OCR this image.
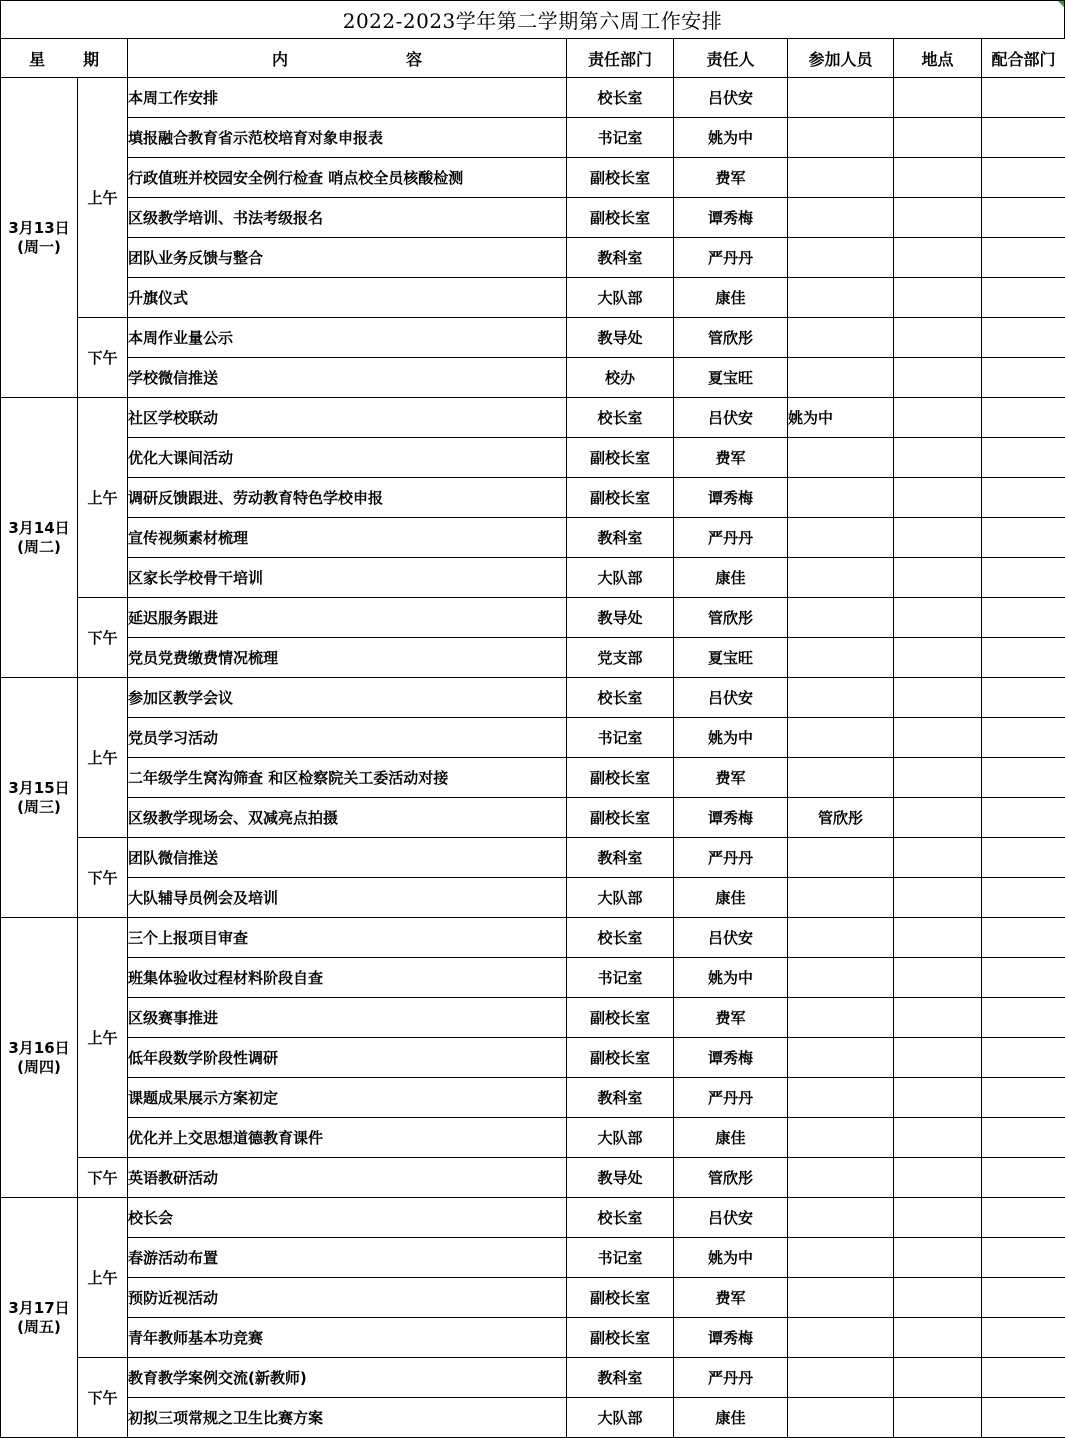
2022-2023学年第二学期第六周工作安排
星 期		内 容	责任部门	责任人	参加人员	地点	配合部门

3月13日
(周一)	上午	本周工作安排	校长室	吕伏安			
		填报融合教育省示范校培育对象申报表	书记室	姚为中			
		行政值班并校园安全例行检查 哨点校全员核酸检测	副校长室	费军			
		区级教学培训、书法考级报名	副校长室	谭秀梅			
		团队业务反馈与整合	教科室	严丹丹			
		升旗仪式	大队部	康佳			
	下午	本周作业量公示	教导处	管欣彤			
		学校微信推送	校办	夏宝旺			

3月14日
(周二)	上午	社区学校联动	校长室	吕伏安	姚为中		
		优化大课间活动	副校长室	费军			
		调研反馈跟进、劳动教育特色学校申报	副校长室	谭秀梅			
		宣传视频素材梳理	教科室	严丹丹			
		区家长学校骨干培训	大队部	康佳			
	下午	延迟服务跟进	教导处	管欣彤			
		党员党费缴费情况梳理	党支部	夏宝旺			

3月15日
(周三)	上午	参加区教学会议	校长室	吕伏安			
		党员学习活动	书记室	姚为中			
		二年级学生窝沟筛查 和区检察院关工委活动对接	副校长室	费军			
		区级教学现场会、双减亮点拍摄	副校长室	谭秀梅	管欣彤		
	下午	团队微信推送	教科室	严丹丹			
		大队辅导员例会及培训	大队部	康佳			

3月16日
(周四)	上午	三个上报项目审查	校长室	吕伏安			
		班集体验收过程材料阶段自查	书记室	姚为中			
		区级赛事推进	副校长室	费军			
		低年段数学阶段性调研	副校长室	谭秀梅			
		课题成果展示方案初定	教科室	严丹丹			
		优化并上交思想道德教育课件	大队部	康佳			
	下午	英语教研活动	教导处	管欣彤			

3月17日
(周五)	上午	校长会	校长室	吕伏安			
		春游活动布置	书记室	姚为中			
		预防近视活动	副校长室	费军			
		青年教师基本功竞赛	副校长室	谭秀梅			
	下午	教育教学案例交流(新教师)	教科室	严丹丹			
		初拟三项常规之卫生比赛方案	大队部	康佳			
